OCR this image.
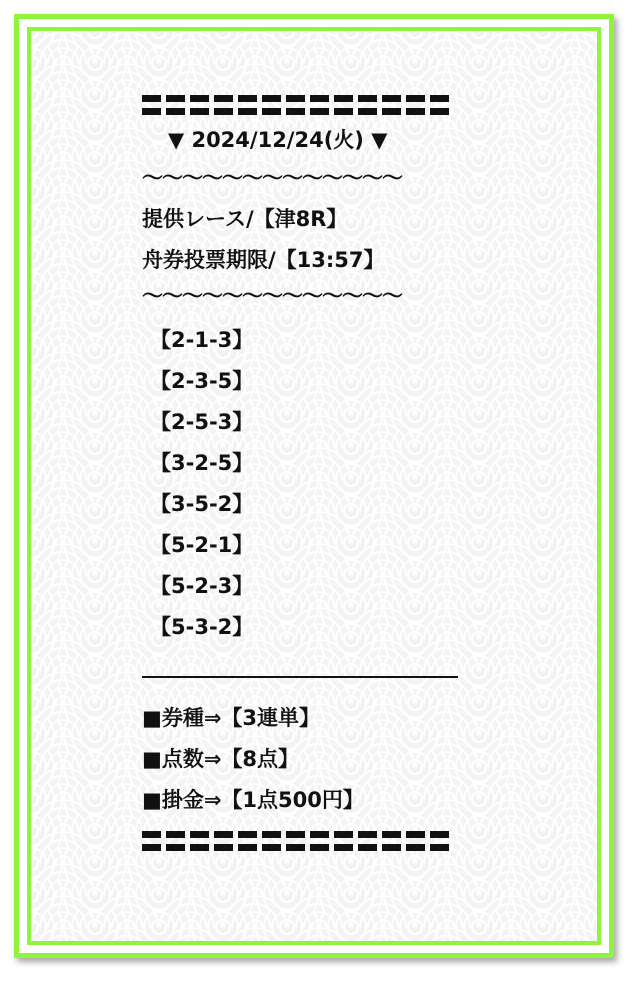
▼ 2024/12/24(火) ▼
〜〜〜〜〜〜〜〜〜〜〜〜〜
提供レース/【津8R】
舟券投票期限/【13:57】
〜〜〜〜〜〜〜〜〜〜〜〜〜
【2-1-3】
【2-3-5】
【2-5-3】
【3-2-5】
【3-5-2】
【5-2-1】
【5-2-3】
【5-3-2】
■券種⇒【3連単】
■点数⇒【8点】
■掛金⇒【1点500円】
